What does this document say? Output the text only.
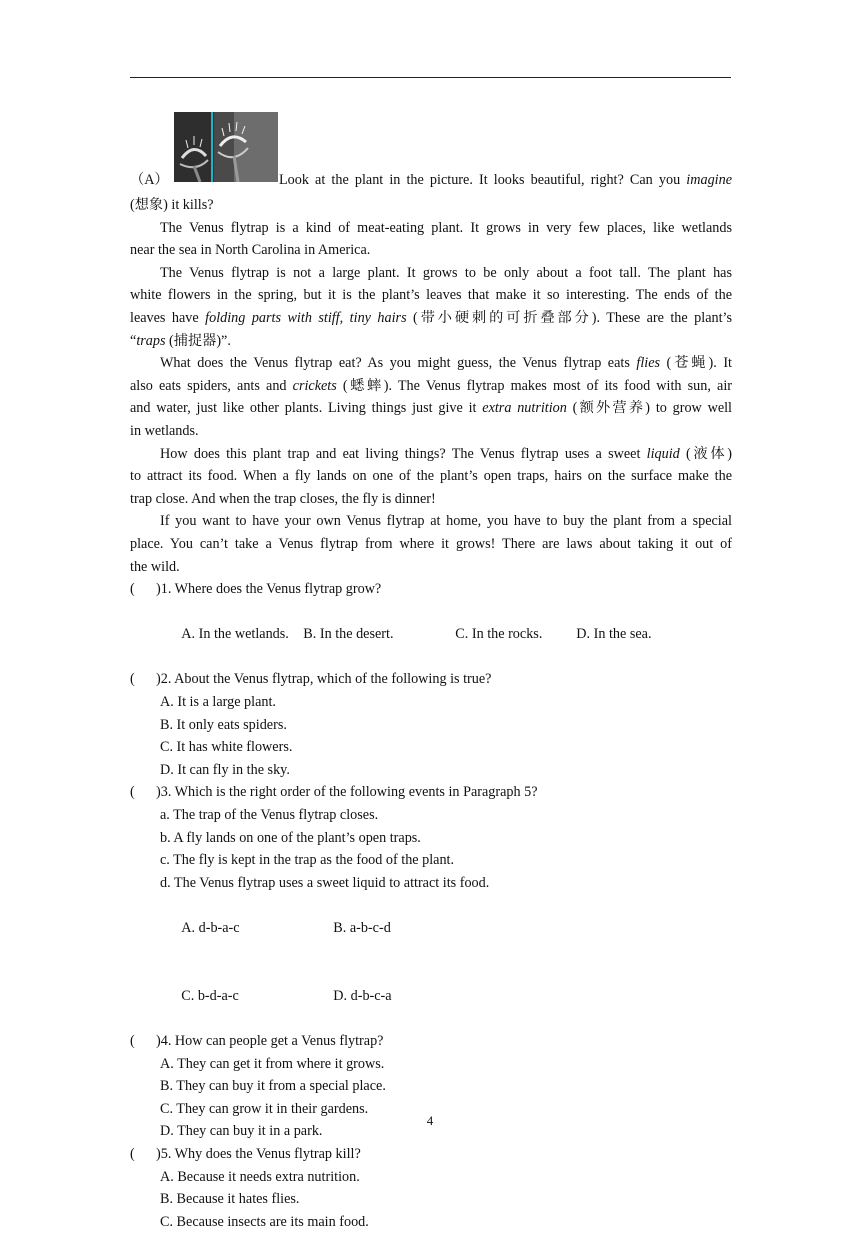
（A）	Look at the plant in the picture. It looks beautiful, right? Can you imagine
(想象) it kills?
The Venus flytrap is a kind of meat-eating plant. It grows in very few places, like wetlands
near the sea in North Carolina in America.
The Venus flytrap is not a large plant. It grows to be only about a foot tall. The plant has
white flowers in the spring, but it is the plant’s leaves that make it so interesting. The ends of the
leaves have folding parts with stiff, tiny hairs (带小硬刺的可折叠部分). These are the plant’s
“traps (捕捉器)”.
What does the Venus flytrap eat? As you might guess, the Venus flytrap eats flies (苍蝇). It
also eats spiders, ants and crickets (蟋蟀). The Venus flytrap makes most of its food with sun, air
and water, just like other plants. Living things just give it extra nutrition (额外营养) to grow well
in wetlands.
How does this plant trap and eat living things? The Venus flytrap uses a sweet liquid (液体)
to attract its food. When a fly lands on one of the plant’s open traps, hairs on the surface make the
trap close. And when the trap closes, the fly is dinner!
If you want to have your own Venus flytrap at home, you have to buy the plant from a special
place. You can’t take a Venus flytrap from where it grows! There are laws about taking it out of
the wild.
(      )1. Where does the Venus flytrap grow?

A. In the wetlands. B. In the desert.	C. In the rocks. D. In the sea.

(      )2. About the Venus flytrap, which of the following is true?
A. It is a large plant.
B. It only eats spiders.
C. It has white flowers.
D. It can fly in the sky.
(      )3. Which is the right order of the following events in Paragraph 5?
a. The trap of the Venus flytrap closes.
b. A fly lands on one of the plant’s open traps.
c. The fly is kept in the trap as the food of the plant.
d. The Venus flytrap uses a sweet liquid to attract its food.

A. d-b-a-c	B. a-b-c-d

C. b-d-a-c	D. d-b-c-a

(      )4. How can people get a Venus flytrap?
A. They can get it from where it grows.
B. They can buy it from a special place.
C. They can grow it in their gardens.
D. They can buy it in a park.
(      )5. Why does the Venus flytrap kill?
A. Because it needs extra nutrition.
B. Because it hates flies.
C. Because insects are its main food.
4
